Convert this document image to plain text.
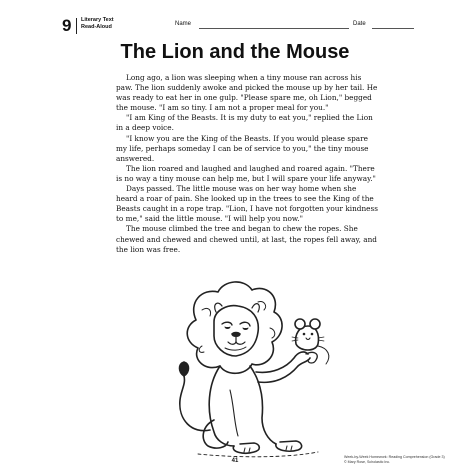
9 Literary Text
Read-Aloud	Name	Date
The Lion and the Mouse

Long ago, a lion was sleeping when a tiny mouse ran across his paw. The lion suddenly awoke and picked the mouse up by her tail. He was ready to eat her in one gulp. "Please spare me, oh Lion," begged the mouse. "I am so tiny. I am not a proper meal for you."

"I am King of the Beasts. It is my duty to eat you," replied the Lion in a deep voice.

"I know you are the King of the Beasts. If you would please spare my life, perhaps someday I can be of service to you," the tiny mouse answered.

The lion roared and laughed and laughed and roared again. "There is no way a tiny mouse can help me, but I will spare your life anyway."

Days passed. The little mouse was on her way home when she heard a roar of pain. She looked up in the trees to see the King of the Beasts caught in a rope trap. "Lion, I have not forgotten your kindness to me," said the little mouse. "I will help you now."

The mouse climbed the tree and began to chew the ropes. She chewed and chewed and chewed until, at last, the ropes fell away, and the lion was free.

41
Week-by-Week Homework: Reading Comprehension (Grade 3)
© Mary Rose, Scholastic Inc.
